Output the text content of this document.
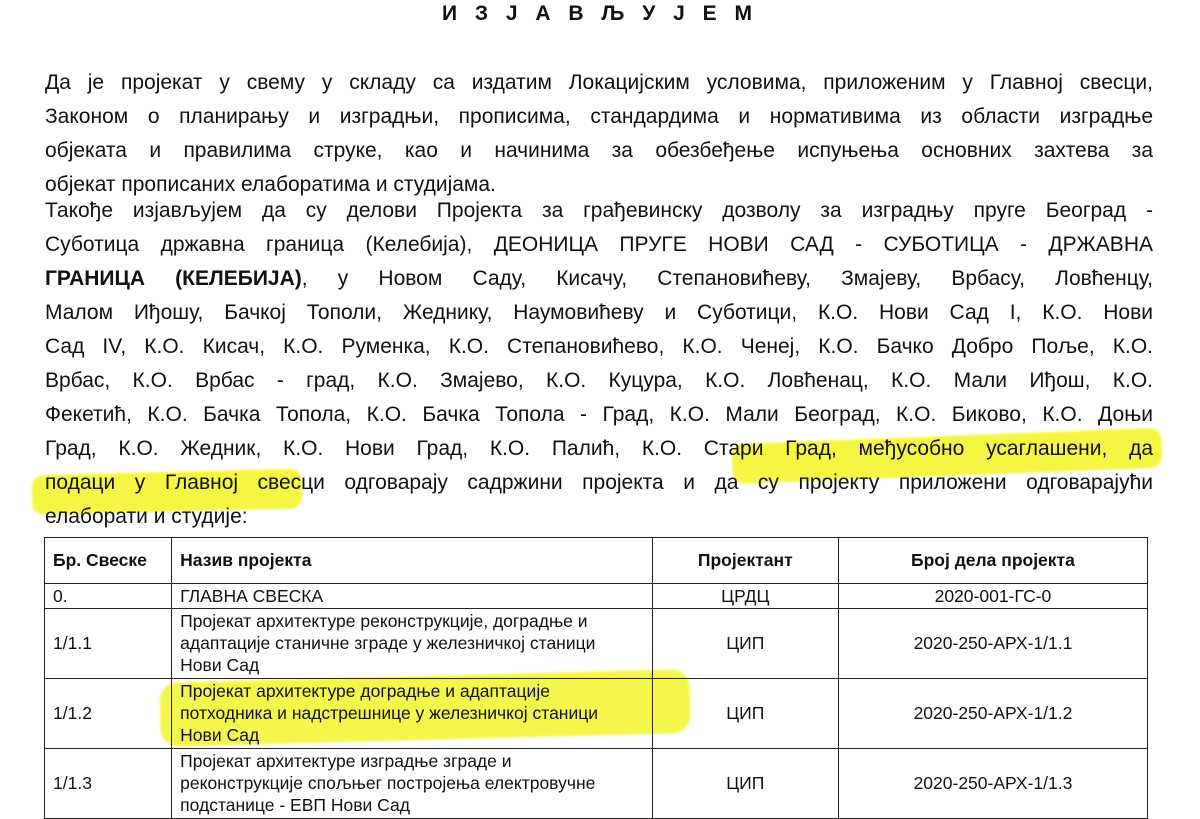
И З Ј А В Љ У Ј Е М
Да је пројекат у свему у складу са издатим Локацијским условима, приложеним у Главној свесци,
Законом о планирању и изградњи, прописима, стандардима и нормативима из области изградње
објеката и правилима струке, као и начинима за обезбеђење испуњења основних захтева за
објекат прописаних елаборатима и студијама.
Такође изјављујем да су делови Пројекта за грађевинску дозволу за изградњу пруге Београд -
Суботица државна граница (Келебија), ДЕОНИЦА ПРУГЕ НОВИ САД - СУБОТИЦА - ДРЖАВНА
ГРАНИЦА (КЕЛЕБИЈА), у Новом Саду, Кисачу, Степановићеву, Змајеву, Врбасу, Ловћенцу,
Малом Иђошу, Бачкој Тополи, Жеднику, Наумовићеву и Суботици, К.О. Нови Сад I, К.О. Нови
Сад IV, К.О. Кисач, К.О. Руменка, К.О. Степановићево, К.О. Ченеј, К.О. Бачко Добро Поље, К.О.
Врбас, К.О. Врбас - град, К.О. Змајево, К.О. Куцура, К.О. Ловћенац, К.О. Мали Иђош, К.О.
Фекетић, К.О. Бачка Топола, К.О. Бачка Топола - Град, К.О. Мали Београд, К.О. Биково, К.О. Доњи
Град, К.О. Жедник, К.О. Нови Град, К.О. Палић, К.О. Стари Град, међусобно усаглашени, да
подаци у Главној свесци одговарају садржини пројекта и да су пројекту приложени одговарајући
елаборати и студије:
Бр. Свеске	Назив пројекта	Пројектант	Број дела пројекта
0.	ГЛАВНА СВЕСКА	ЦРДЦ	2020-001-ГС-0
1/1.1	Пројекат архитектуре реконструкције, доградње и
адаптације станичне зграде у железничкој станици
Нови Сад	ЦИП	2020-250-АРХ-1/1.1
1/1.2	Пројекат архитектуре доградње и адаптације
потходника и надстрешнице у железничкој станици
Нови Сад	ЦИП	2020-250-АРХ-1/1.2
1/1.3	Пројекат архитектуре изградње зграде и
реконструкције спољњег постројења електровучне
подстанице - ЕВП Нови Сад	ЦИП	2020-250-АРХ-1/1.3
